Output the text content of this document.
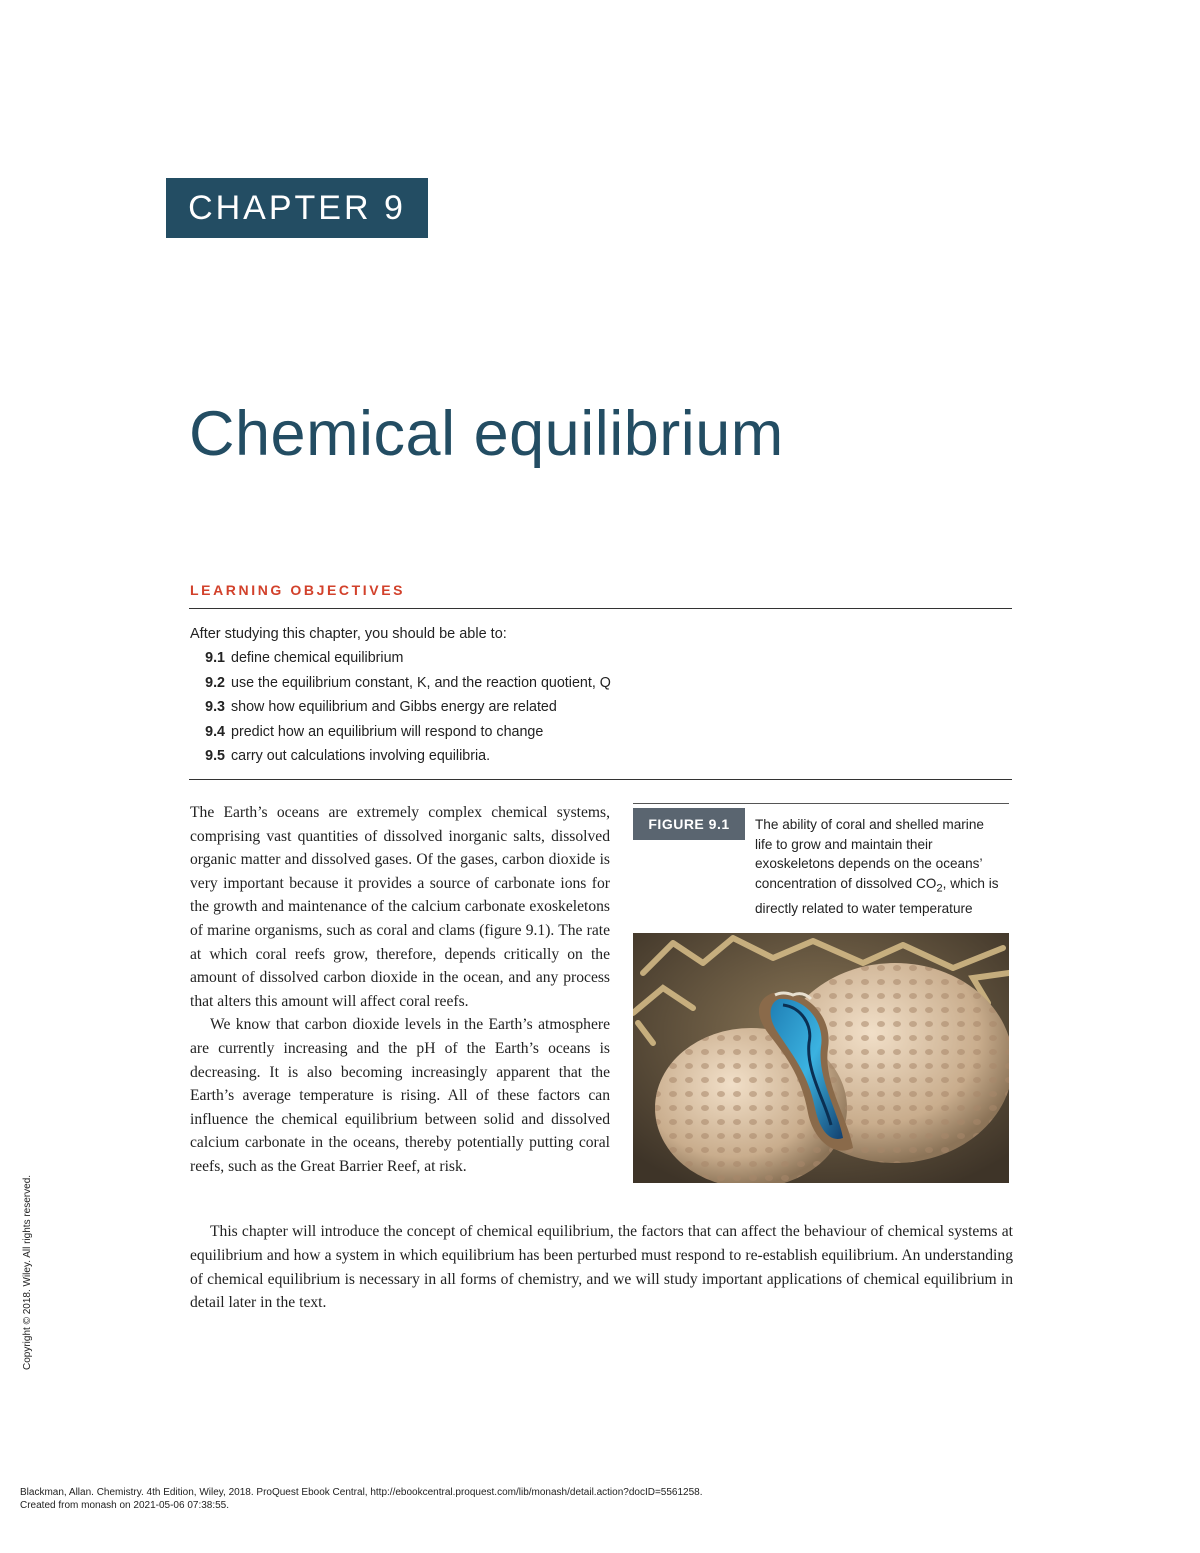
CHAPTER 9
Chemical equilibrium
LEARNING OBJECTIVES
After studying this chapter, you should be able to:
9.1 define chemical equilibrium
9.2 use the equilibrium constant, K, and the reaction quotient, Q
9.3 show how equilibrium and Gibbs energy are related
9.4 predict how an equilibrium will respond to change
9.5 carry out calculations involving equilibria.

The Earth’s oceans are extremely complex chemical systems, comprising vast quantities of dissolved inorganic salts, dissolved organic matter and dissolved gases. Of the gases, carbon dioxide is very important because it provides a source of carbonate ions for the growth and maintenance of the calcium carbonate exoskeletons of marine organisms, such as coral and clams (figure 9.1). The rate at which coral reefs grow, therefore, depends critically on the amount of dissolved carbon dioxide in the ocean, and any process that alters this amount will affect coral reefs.

We know that carbon dioxide levels in the Earth’s atmosphere are currently increasing and the pH of the Earth’s oceans is decreasing. It is also becoming increasingly apparent that the Earth’s average temperature is rising. All of these factors can influence the chemical equilibrium between solid and dissolved calcium carbonate in the oceans, thereby potentially putting coral reefs, such as the Great Barrier Reef, at risk.

This chapter will introduce the concept of chemical equilibrium, the factors that can affect the behaviour of chemical systems at equilibrium and how a system in which equilibrium has been perturbed must respond to re-establish equilibrium. An understanding of chemical equilibrium is necessary in all forms of chemistry, and we will study important applications of chemical equilibrium in detail later in the text.

FIGURE 9.1 The ability of coral and shelled marine life to grow and maintain their exoskeletons depends on the oceans’ concentration of dissolved $CO_2$, which is directly related to water temperature
Copyright © 2018. Wiley. All rights reserved.
Blackman, Allan. Chemistry. 4th Edition, Wiley, 2018. ProQuest Ebook Central, http://ebookcentral.proquest.com/lib/monash/detail.action?docID=5561258.
Created from monash on 2021-05-06 07:38:55.
